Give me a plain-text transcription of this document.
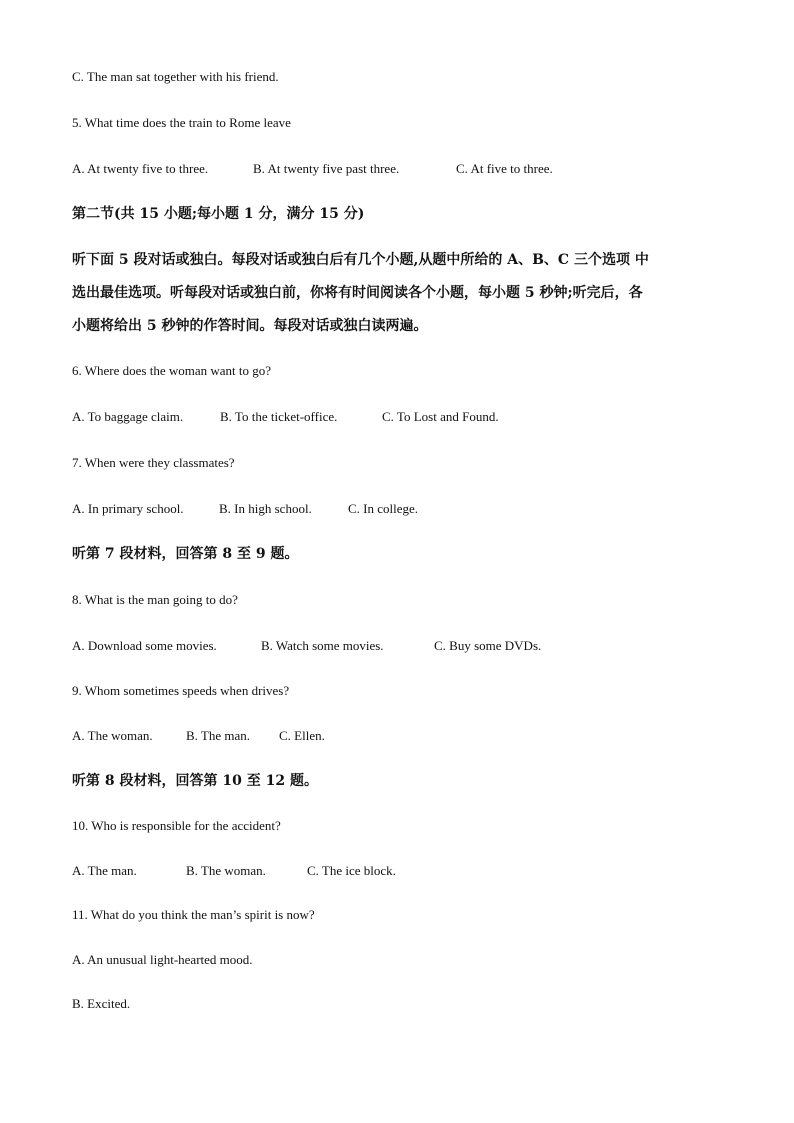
C. The man sat together with his friend.

5. What time does the train to Rome leave

A. At twenty five to three.	B. At twenty five past three.	C. At five to three.

第二节(共 15 小题;每小题 1 分，满分 15 分)

听下面 5 段对话或独白。每段对话或独白后有几个小题,从题中所给的 A、B、C 三个选项 中

选出最佳选项。听每段对话或独白前，你将有时间阅读各个小题，每小题 5 秒钟;听完后，各

小题将给出 5 秒钟的作答时间。每段对话或独白读两遍。

6. Where does the woman want to go?

A. To baggage claim.	B. To the ticket-office.	C. To Lost and Found.

7. When were they classmates?

A. In primary school.	B. In high school.	C. In college.

听第 7 段材料，回答第 8 至 9 题。

8. What is the man going to do?

A. Download some movies.	B. Watch some movies.	C. Buy some DVDs.

9. Whom sometimes speeds when drives?

A. The woman.	B. The man.	C. Ellen.

听第 8 段材料，回答第 10 至 12 题。

10. Who is responsible for the accident?

A. The man.	B. The woman.	C. The ice block.

11. What do you think the man’s spirit is now?

A. An unusual light-hearted mood.

B. Excited.
